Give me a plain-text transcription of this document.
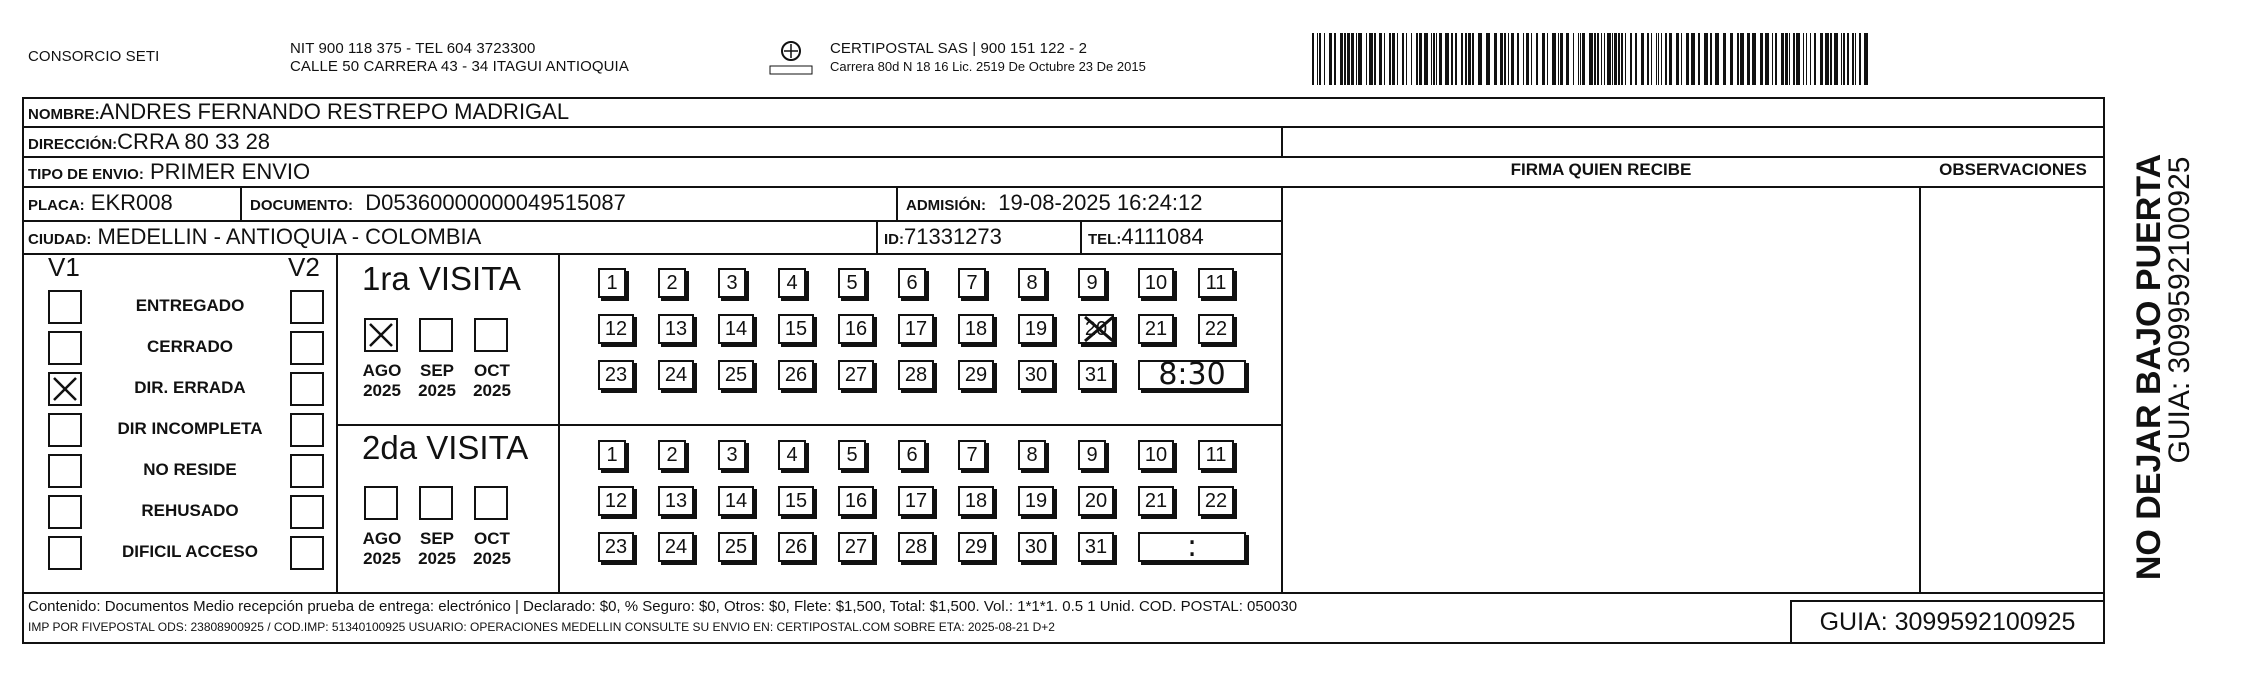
CONSORCIO SETI	NIT 900 118 375 - TEL 604 3723300
CALLE 50 CARRERA 43 - 34 ITAGUI ANTIOQUIA
CERTIPOSTAL SAS | 900 151 122 - 2
Carrera 80d N 18 16 Lic. 2519 De Octubre 23 De 2015
NOMBRE:ANDRES FERNANDO RESTREPO MADRIGAL
DIRECCIÓN:CRRA 80 33 28
TIPO DE ENVIO: PRIMER ENVIO	FIRMA QUIEN RECIBE	OBSERVACIONES
PLACA: EKR008	DOCUMENTO: D05360000000049515087	ADMISIÓN: 19-08-2025 16:24:12
CIUDAD: MEDELLIN - ANTIOQUIA - COLOMBIA	ID:71331273	TEL:4111084
V1	V2
ENTREGADO
CERRADO
DIR. ERRADA
DIR INCOMPLETA
NO RESIDE
REHUSADO
DIFICIL ACCESO
1ra VISITA
AGO
2025
SEP
2025
OCT
2025
1	2	3	4	5	6	7	8	9	10	11
12	13	14	15	16	17	18	19	20	21	22
23	24	25	26	27	28	29	30	31	8:30
2da VISITA
AGO
2025
SEP
2025
OCT
2025
1	2	3	4	5	6	7	8	9	10	11
12	13	14	15	16	17	18	19	20	21	22
23	24	25	26	27	28	29	30	31	:
Contenido: Documentos Medio recepción prueba de entrega: electrónico | Declarado: $0, % Seguro: $0, Otros: $0, Flete: $1,500, Total: $1,500. Vol.: 1*1*1. 0.5 1 Unid. COD. POSTAL: 050030
IMP POR FIVEPOSTAL ODS: 23808900925 / COD.IMP: 51340100925 USUARIO: OPERACIONES MEDELLIN CONSULTE SU ENVIO EN: CERTIPOSTAL.COM SOBRE ETA: 2025-08-21 D+2	GUIA: 3099592100925
NO DEJAR BAJO PUERTA
GUIA: 3099592100925
